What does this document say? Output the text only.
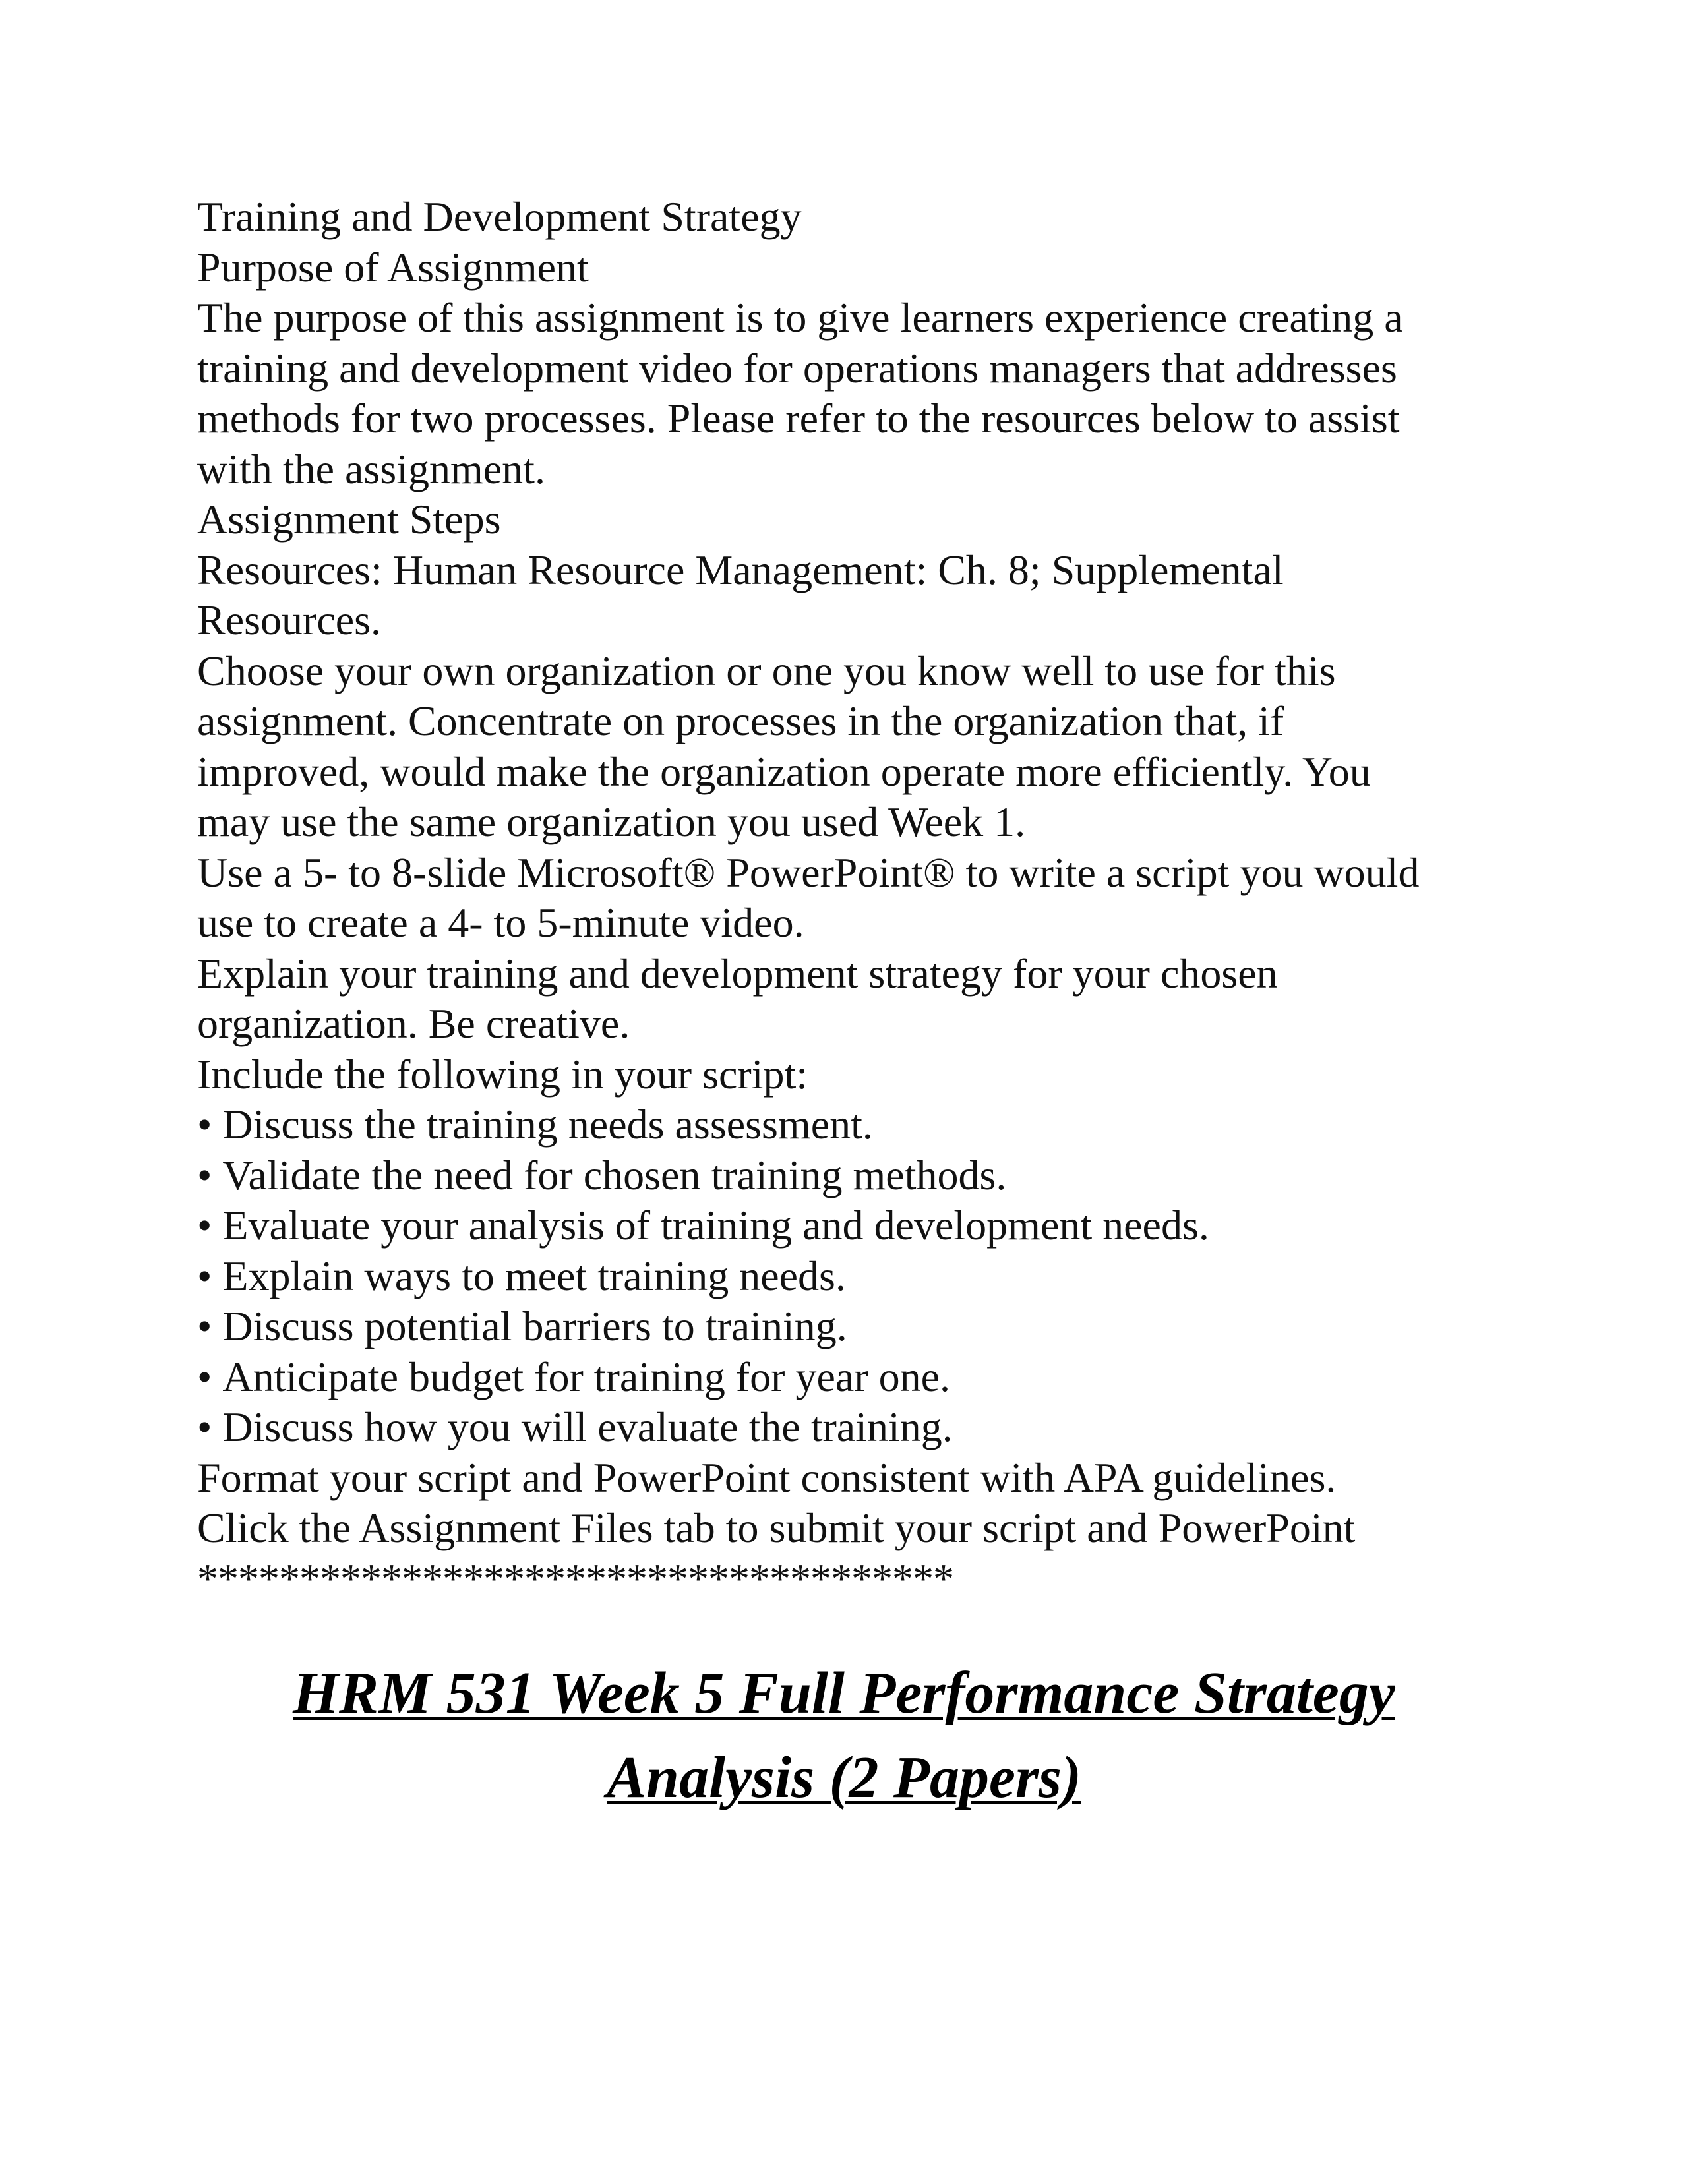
Training and Development Strategy
Purpose of Assignment
The purpose of this assignment is to give learners experience creating a
training and development video for operations managers that addresses
methods for two processes. Please refer to the resources below to assist
with the assignment.
Assignment Steps
Resources: Human Resource Management: Ch. 8; Supplemental
Resources.
Choose your own organization or one you know well to use for this
assignment. Concentrate on processes in the organization that, if
improved, would make the organization operate more efficiently. You
may use the same organization you used Week 1.
Use a 5- to 8-slide Microsoft® PowerPoint® to write a script you would
use to create a 4- to 5-minute video.
Explain your training and development strategy for your chosen
organization. Be creative.
Include the following in your script:
• Discuss the training needs assessment.
• Validate the need for chosen training methods.
• Evaluate your analysis of training and development needs.
• Explain ways to meet training needs.
• Discuss potential barriers to training.
• Anticipate budget for training for year one.
• Discuss how you will evaluate the training.
Format your script and PowerPoint consistent with APA guidelines.
Click the Assignment Files tab to submit your script and PowerPoint
*************************************
HRM 531 Week 5 Full Performance Strategy
Analysis (2 Papers)
